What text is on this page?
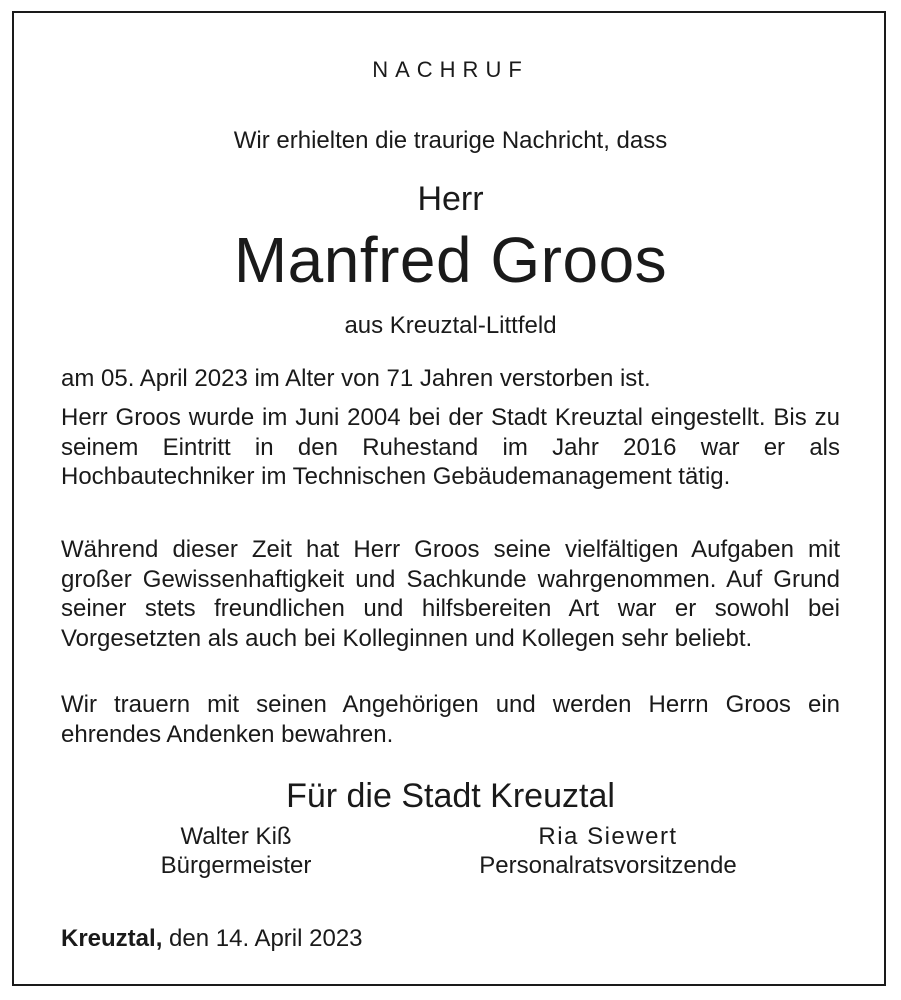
NACHRUF
Wir erhielten die traurige Nachricht, dass
Herr
Manfred Groos
aus Kreuztal-Littfeld

am 05. April 2023 im Alter von 71 Jahren verstorben ist.

Herr Groos wurde im Juni 2004 bei der Stadt Kreuztal eingestellt. Bis zu seinem Eintritt in den Ruhestand im Jahr 2016 war er als Hochbautechniker im Technischen Gebäudemanagement tätig.

Während dieser Zeit hat Herr Groos seine vielfältigen Aufgaben mit großer Gewissenhaftigkeit und Sachkunde wahrgenommen. Auf Grund seiner stets freundlichen und hilfsbereiten Art war er sowohl bei Vorgesetzten als auch bei Kolleginnen und Kollegen sehr beliebt.

Wir trauern mit seinen Angehörigen und werden Herrn Groos ein ehrendes Andenken bewahren.

Für die Stadt Kreuztal
Walter Kiß
Bürgermeister
Ria Siewert
Personalratsvorsitzende
Kreuztal, den 14. April 2023
